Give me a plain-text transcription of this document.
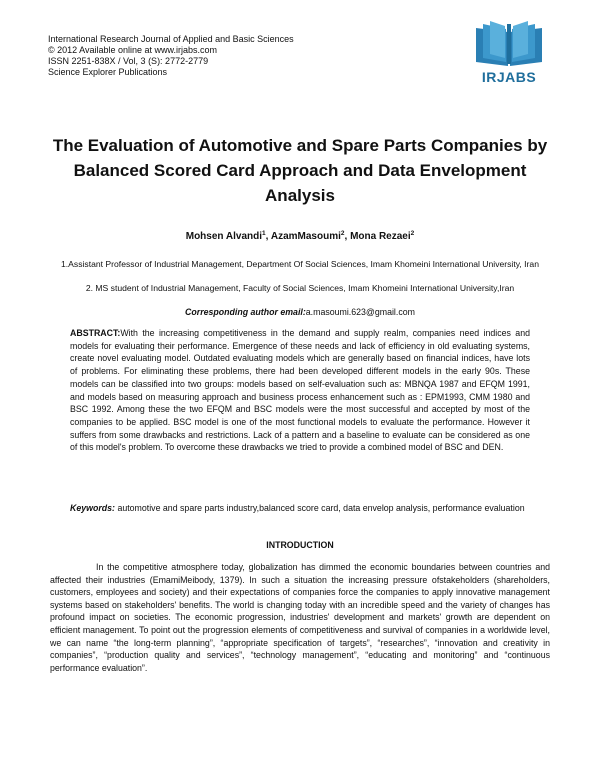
International Research Journal of Applied and Basic Sciences
© 2012 Available online at www.irjabs.com
ISSN 2251-838X / Vol, 3 (S): 2772-2779
Science Explorer Publications	IRJABS
The Evaluation of Automotive and Spare Parts Companies by Balanced Scored Card Approach and Data Envelopment Analysis
Mohsen Alvandi$^1$, AzamMasoumi$^2$, Mona Rezaei$^2$
1.Assistant Professor of Industrial Management, Department Of Social Sciences, Imam Khomeini International University, Iran
2. MS student of Industrial Management, Faculty of Social Sciences, Imam Khomeini International University,Iran
Corresponding author email:a.masoumi.623@gmail.com
ABSTRACT:With the increasing competitiveness in the demand and supply realm, companies need indices and models for evaluating their performance. Emergence of these needs and lack of efficiency in old evaluating systems, create novel evaluating model. Outdated evaluating models which are generally based on financial indices, have lots of problems. For eliminating these problems, there had been developed different models in the early 90s. These models can be classified into two groups: models based on self-evaluation such as: MBNQA 1987 and EFQM 1991, and models based on measuring approach and business process enhancement such as : EPM1993, CMM 1980 and BSC 1992. Among these the two EFQM and BSC models were the most successful and accepted by most of the companies to be applied. BSC model is one of the most functional models to evaluate the performance. However it suffers from some drawbacks and restrictions. Lack of a pattern and a baseline to evaluate can be considered as one of this model's problem. To overcome these drawbacks we tried to provide a combined model of BSC and DEN.
Keywords: automotive and spare parts industry,balanced score card, data envelop analysis, performance evaluation
INTRODUCTION
In the competitive atmosphere today, globalization has dimmed the economic boundaries between countries and affected their industries (EmamiMeibody, 1379). In such a situation the increasing pressure ofstakeholders (shareholders, customers, employees and society) and their expectations of companies force the companies to apply innovative management systems based on stakeholders' benefits. The world is changing today with an incredible speed and the variety of changes has profound impact on societies. The economic progression, industries' development and markets' growth are dependent on efficient management. To point out the progression elements of competitiveness and survival of companies in a worldwide level, we can name “the long-term planning”, “appropriate specification of targets”, “researches”, “innovation and creativity in companies”, “production quality and services”, “technology management”, “educating and monitoring” and “continuous performance evaluation”.
